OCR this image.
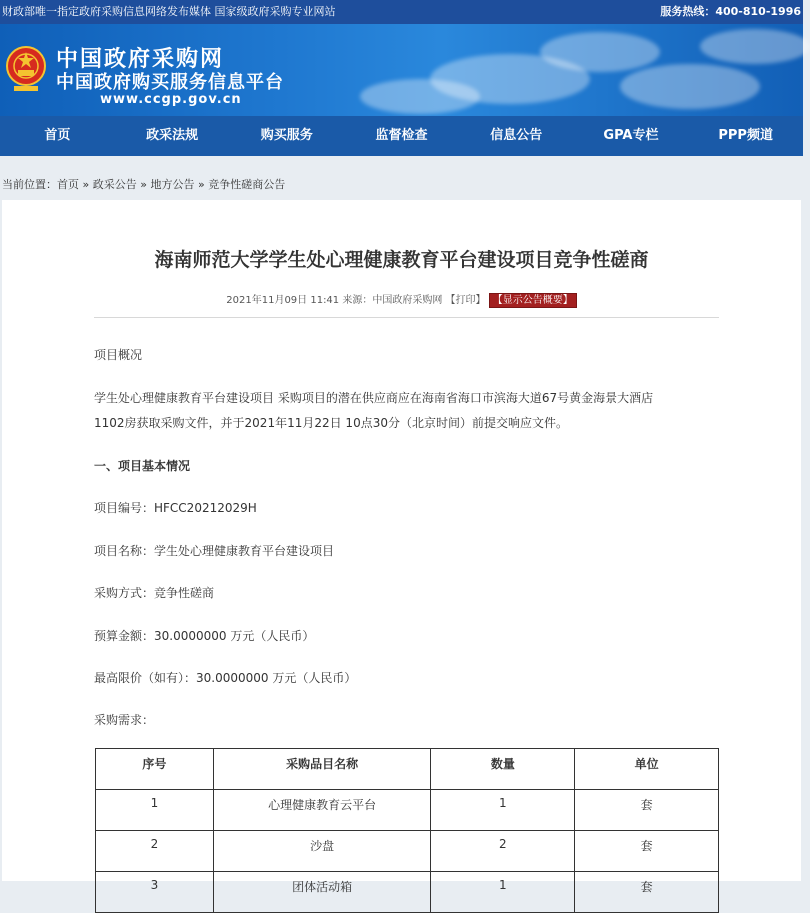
财政部唯一指定政府采购信息网络发布媒体 国家级政府采购专业网站	服务热线：400-810-1996
中国政府采购网
中国政府购买服务信息平台
www.ccgp.gov.cn
首页	政采法规	购买服务	监督检查	信息公告	GPA专栏	PPP频道
当前位置：首页 » 政采公告 » 地方公告 » 竞争性磋商公告
海南师范大学学生处心理健康教育平台建设项目竞争性磋商
2021年11月09日 11:41 来源：中国政府采购网 【打印】 【显示公告概要】
项目概况
学生处心理健康教育平台建设项目 采购项目的潜在供应商应在海南省海口市滨海大道67号黄金海景大酒店
1102房获取采购文件，并于2021年11月22日 10点30分（北京时间）前提交响应文件。
一、项目基本情况
项目编号：HFCC20212029H
项目名称：学生处心理健康教育平台建设项目
采购方式：竞争性磋商
预算金额：30.0000000 万元（人民币）
最高限价（如有）：30.0000000 万元（人民币）
采购需求：
序号	采购品目名称	数量	单位
1	心理健康教育云平台	1	套
2	沙盘	2	套
3	团体活动箱	1	套
